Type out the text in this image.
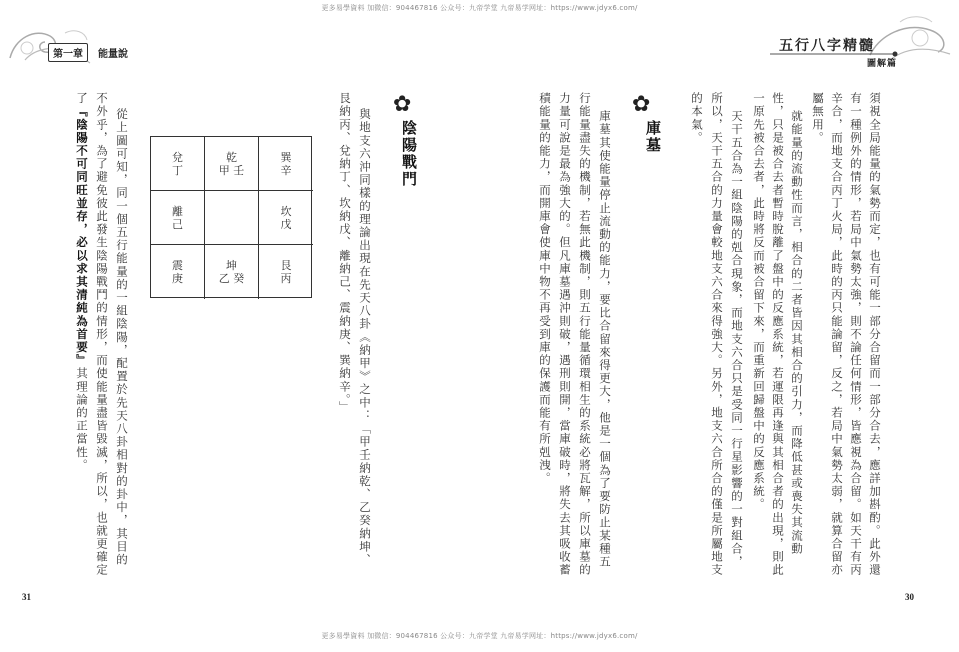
更多易學資料 加微信：904467816 公众号：九帝学堂 九帝易学网址：https://www.jdyx6.com/
更多易學資料 加微信：904467816 公众号：九帝学堂 九帝易学网址：https://www.jdyx6.com/
第一章	能量說
五行八字精髓
圖解篇
31	30
須視全局能量的氣勢而定，也有可能一部分合留而一部分合去，應詳加斟酌。此外還
有一種例外的情形，若局中氣勢太強，則不論任何情形，皆應視為合留。如天干有丙
辛合，而地支合丙丁火局，此時的丙只能論留，反之，若局中氣勢太弱，就算合留亦
屬無用。
就能量的流動性而言，相合的二者皆因其相合的引力，而降低甚或喪失其流動
性，只是被合去者暫時脫離了盤中的反應系統，若運限再逢與其相合者的出現，則此
一原先被合去者，此時將反而被合留下來，而重新回歸盤中的反應系統。
天干五合為一組陰陽的剋合現象，而地支六合只是受同一行星影響的一對組合，
所以，天干五合的力量會較地支六合來得強大。另外，地支六合所合的僅是所屬地支
的本氣。
✿
庫墓
庫墓其使能量停止流動的能力，要比合留來得更大，他是一個為了要防止某種五
行能量盡失的機制，若無此機制，則五行能量循環相生的系統必將瓦解，所以庫墓的
力量可說是最為強大的。但凡庫墓遇沖則破，遇刑則開，當庫破時，將失去其吸收蓄
積能量的能力，而開庫會使庫中物不再受到庫的保護而能有所剋洩。
✿
陰陽戰門
與地支六沖同樣的理論出現在先天八卦《納甲》之中：「甲壬納乾、乙癸納坤、
艮納丙、兌納丁、坎納戊、離納己、震納庚、巽納辛。」
巽
辛
乾
甲 壬
兌
丁
坎
戊
離
己
艮
丙
坤
乙 癸
震
庚
從上圖可知，同一個五行能量的一組陰陽，配置於先天八卦相對的卦中，其目的
不外乎，為了避免彼此發生陰陽戰鬥的情形，而使能量盡皆毀滅，所以，也就更確定
了『陰陽不可同旺並存，必以求其清純為首要』其理論的正當性。
